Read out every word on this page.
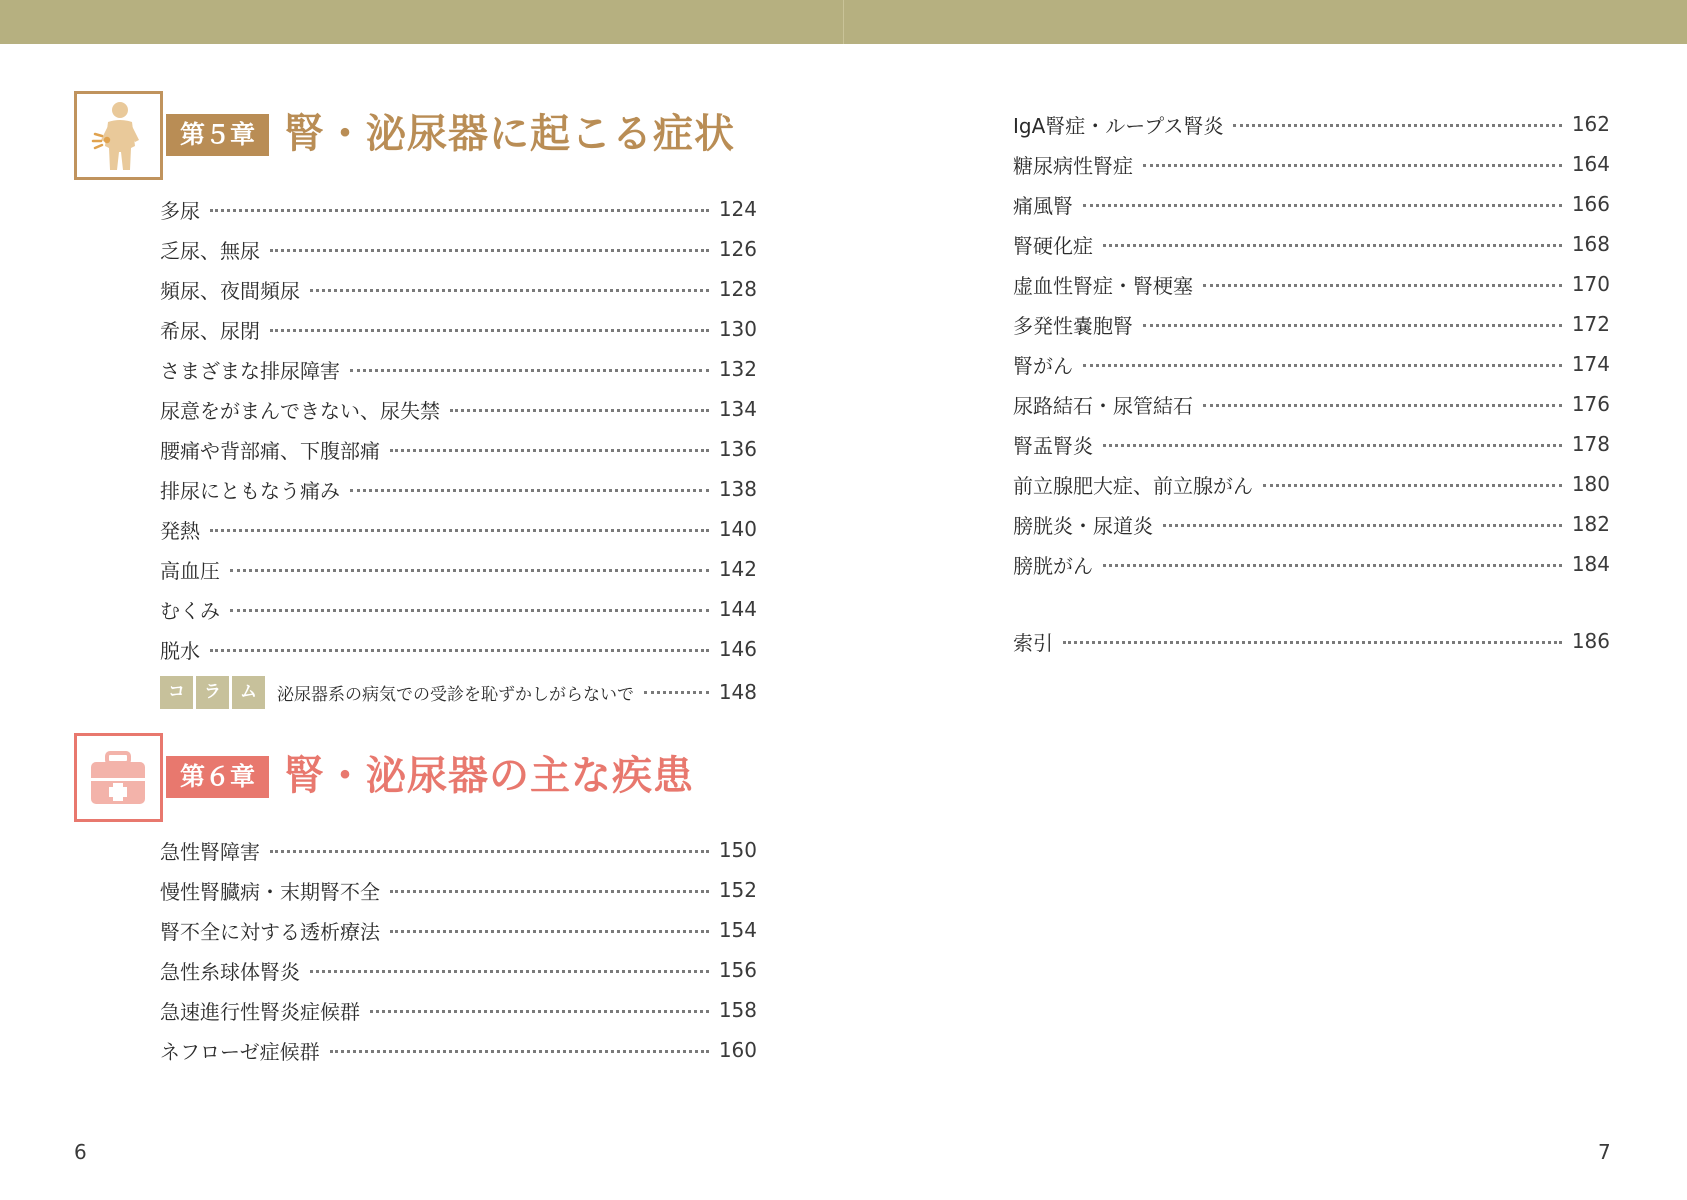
第５章 腎・泌尿器に起こる症状
多尿	124
乏尿、無尿	126
頻尿、夜間頻尿	128
希尿、尿閉	130
さまざまな排尿障害	132
尿意をがまんできない、尿失禁	134
腰痛や背部痛、下腹部痛	136
排尿にともなう痛み	138
発熱	140
高血圧	142
むくみ	144
脱水	146
コ	ラ	ム	泌尿器系の病気での受診を恥ずかしがらないで	148
第６章 腎・泌尿器の主な疾患
急性腎障害	150
慢性腎臓病・末期腎不全	152
腎不全に対する透析療法	154
急性糸球体腎炎	156
急速進行性腎炎症候群	158
ネフローゼ症候群	160
IgA腎症・ループス腎炎	162
糖尿病性腎症	164
痛風腎	166
腎硬化症	168
虚血性腎症・腎梗塞	170
多発性嚢胞腎	172
腎がん	174
尿路結石・尿管結石	176
腎盂腎炎	178
前立腺肥大症、前立腺がん	180
膀胱炎・尿道炎	182
膀胱がん	184
索引	186
6	7
